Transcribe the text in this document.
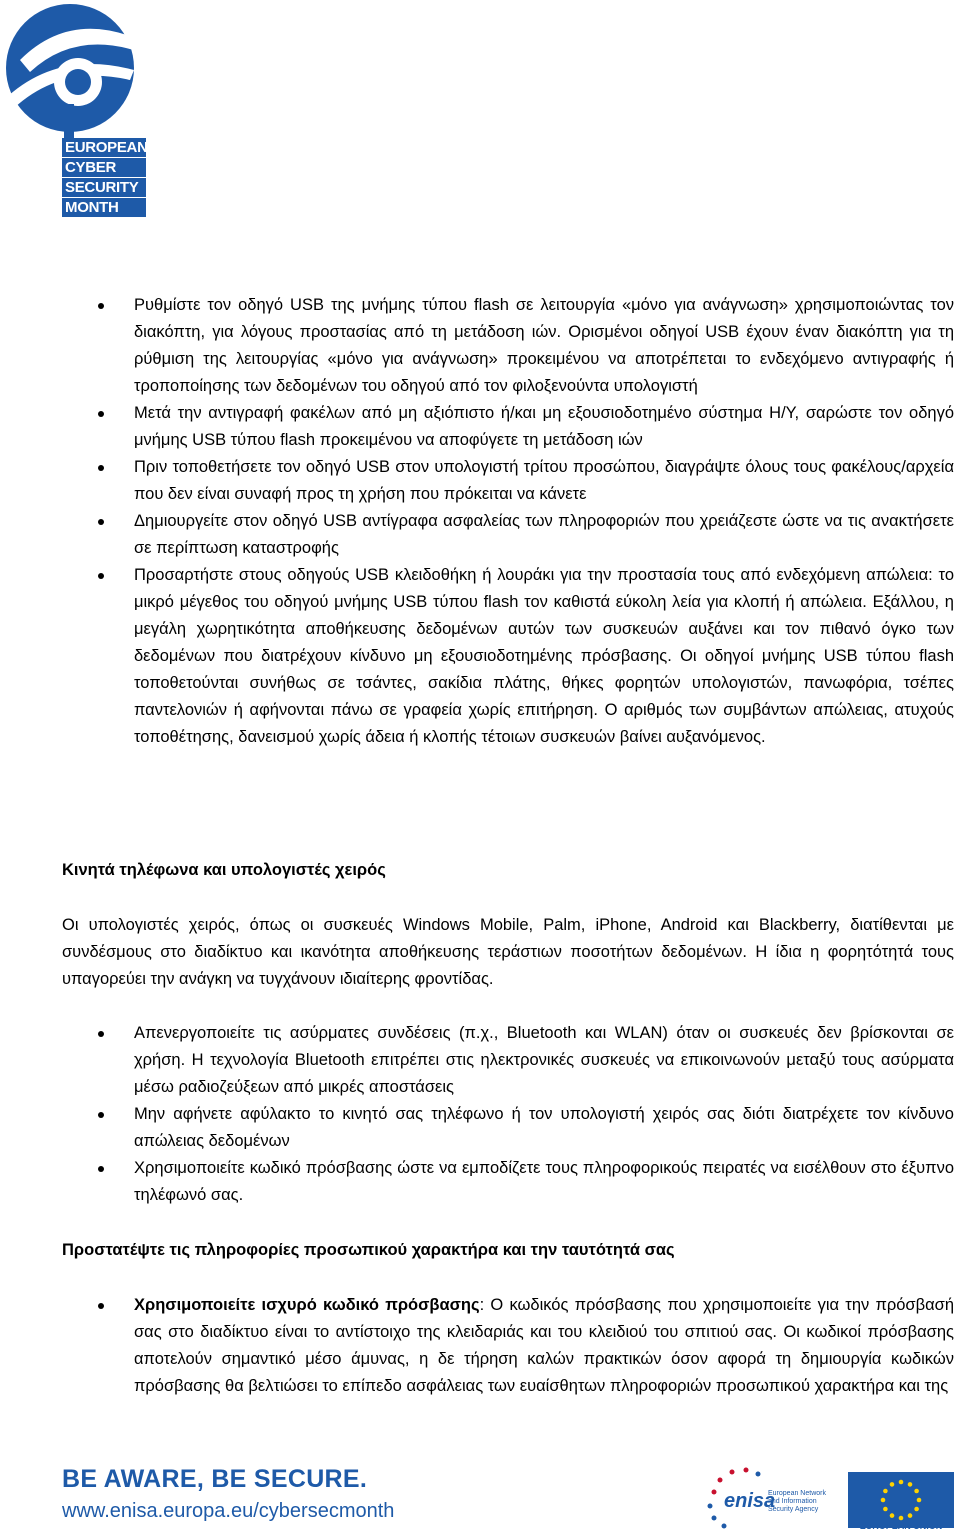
EUROPEAN
CYBER
SECURITY
MONTH
Ρυθμίστε τον οδηγό USB της μνήμης τύπου flash σε λειτουργία «μόνο για ανάγνωση» χρησιμοποιώντας τον διακόπτη, για λόγους προστασίας από τη μετάδοση ιών. Ορισμένοι οδηγοί USB έχουν έναν διακόπτη για τη ρύθμιση της λειτουργίας «μόνο για ανάγνωση» προκειμένου να αποτρέπεται το ενδεχόμενο αντιγραφής ή τροποποίησης των δεδομένων του οδηγού από τον φιλοξενούντα υπολογιστή
Μετά την αντιγραφή φακέλων από μη αξιόπιστο ή/και μη εξουσιοδοτημένο σύστημα Η/Υ, σαρώστε τον οδηγό μνήμης USB τύπου flash προκειμένου να αποφύγετε τη μετάδοση ιών
Πριν τοποθετήσετε τον οδηγό USB στον υπολογιστή τρίτου προσώπου, διαγράψτε όλους τους φακέλους/αρχεία που δεν είναι συναφή προς τη χρήση που πρόκειται να κάνετε
Δημιουργείτε στον οδηγό USB αντίγραφα ασφαλείας των πληροφοριών που χρειάζεστε ώστε να τις ανακτήσετε σε περίπτωση καταστροφής
Προσαρτήστε στους οδηγούς USB κλειδοθήκη ή λουράκι για την προστασία τους από ενδεχόμενη απώλεια: το μικρό μέγεθος του οδηγού μνήμης USB τύπου flash τον καθιστά εύκολη λεία για κλοπή ή απώλεια. Εξάλλου, η μεγάλη χωρητικότητα αποθήκευσης δεδομένων αυτών των συσκευών αυξάνει και τον πιθανό όγκο των δεδομένων που διατρέχουν κίνδυνο μη εξουσιοδοτημένης πρόσβασης. Οι οδηγοί μνήμης USB τύπου flash τοποθετούνται συνήθως σε τσάντες, σακίδια πλάτης, θήκες φορητών υπολογιστών, πανωφόρια, τσέπες παντελονιών ή αφήνονται πάνω σε γραφεία χωρίς επιτήρηση. Ο αριθμός των συμβάντων απώλειας, ατυχούς τοποθέτησης, δανεισμού χωρίς άδεια ή κλοπής τέτοιων συσκευών βαίνει αυξανόμενος.
Κινητά τηλέφωνα και υπολογιστές χειρός
Οι υπολογιστές χειρός, όπως οι συσκευές Windows Mobile, Palm, iPhone, Android και Blackberry, διατίθενται με συνδέσμους στο διαδίκτυο και ικανότητα αποθήκευσης τεράστιων ποσοτήτων δεδομένων. Η ίδια η φορητότητά τους υπαγορεύει την ανάγκη να τυγχάνουν ιδιαίτερης φροντίδας.
Απενεργοποιείτε τις ασύρματες συνδέσεις (π.χ., Bluetooth και WLAN) όταν οι συσκευές δεν βρίσκονται σε χρήση. Η τεχνολογία Bluetooth επιτρέπει στις ηλεκτρονικές συσκευές να επικοινωνούν μεταξύ τους ασύρματα μέσω ραδιοζεύξεων από μικρές αποστάσεις
Μην αφήνετε αφύλακτο το κινητό σας τηλέφωνο ή τον υπολογιστή χειρός σας διότι διατρέχετε τον κίνδυνο απώλειας δεδομένων
Χρησιμοποιείτε κωδικό πρόσβασης ώστε να εμποδίζετε τους πληροφορικούς πειρατές να εισέλθουν στο έξυπνο τηλέφωνό σας.
Προστατέψτε τις πληροφορίες προσωπικού χαρακτήρα και την ταυτότητά σας
Χρησιμοποιείτε ισχυρό κωδικό πρόσβασης: Ο κωδικός πρόσβασης που χρησιμοποιείτε για την πρόσβασή σας στο διαδίκτυο είναι το αντίστοιχο της κλειδαριάς και του κλειδιού του σπιτιού σας. Οι κωδικοί πρόσβασης αποτελούν σημαντικό μέσο άμυνας, η δε τήρηση καλών πρακτικών όσον αφορά τη δημιουργία κωδικών πρόσβασης θα βελτιώσει το επίπεδο ασφάλειας των ευαίσθητων πληροφοριών προσωπικού χαρακτήρα και της
BE AWARE, BE SECURE.
www.enisa.europa.eu/cybersecmonth	enisa
European Network and Information Security Agency
EUROPEAN UNION
